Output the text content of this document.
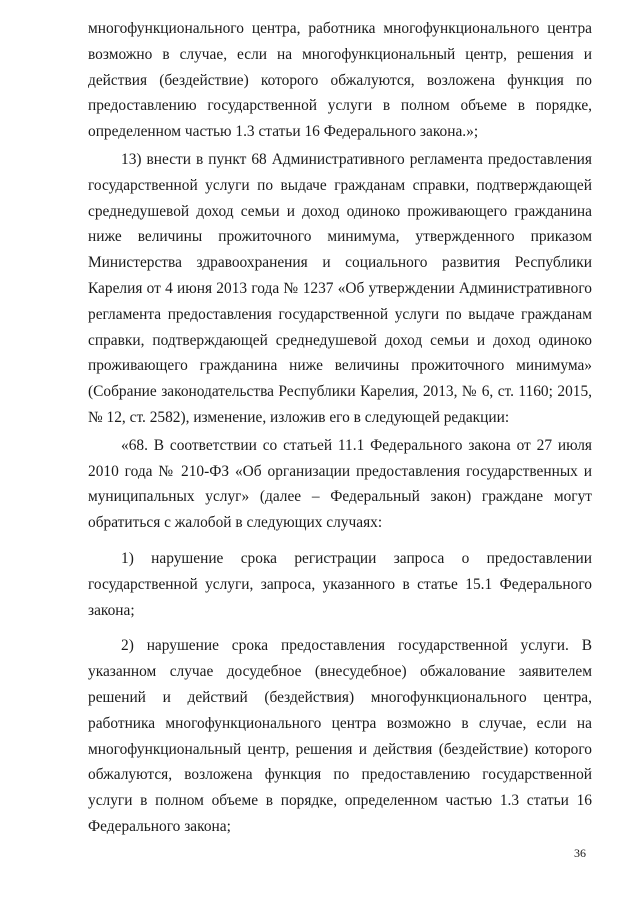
многофункционального центра, работника многофункционального центра возможно в случае, если на многофункциональный центр, решения и действия (бездействие) которого обжалуются, возложена функция по предоставлению государственной услуги в полном объеме в порядке, определенном частью 1.3 статьи 16 Федерального закона.»;

13) внести в пункт 68 Административного регламента предоставления государственной услуги по выдаче гражданам справки, подтверждающей среднедушевой доход семьи и доход одиноко проживающего гражданина ниже величины прожиточного минимума, утвержденного приказом Министерства здравоохранения и социального развития Республики Карелия от 4 июня 2013 года № 1237 «Об утверждении Административного регламента предоставления государственной услуги по выдаче гражданам справки, подтверждающей среднедушевой доход семьи и доход одиноко проживающего гражданина ниже величины прожиточного минимума» (Собрание законодательства Республики Карелия, 2013, № 6, ст. 1160; 2015, № 12, ст. 2582), изменение, изложив его в следующей редакции:

«68. В соответствии со статьей 11.1 Федерального закона от 27 июля 2010 года № 210-ФЗ «Об организации предоставления государственных и муниципальных услуг» (далее – Федеральный закон) граждане могут обратиться с жалобой в следующих случаях:

1) нарушение срока регистрации запроса о предоставлении государственной услуги, запроса, указанного в статье 15.1 Федерального закона;

2) нарушение срока предоставления государственной услуги. В указанном случае досудебное (внесудебное) обжалование заявителем решений и действий (бездействия) многофункционального центра, работника многофункционального центра возможно в случае, если на многофункциональный центр, решения и действия (бездействие) которого обжалуются, возложена функция по предоставлению государственной услуги в полном объеме в порядке, определенном частью 1.3 статьи 16 Федерального закона;

36
